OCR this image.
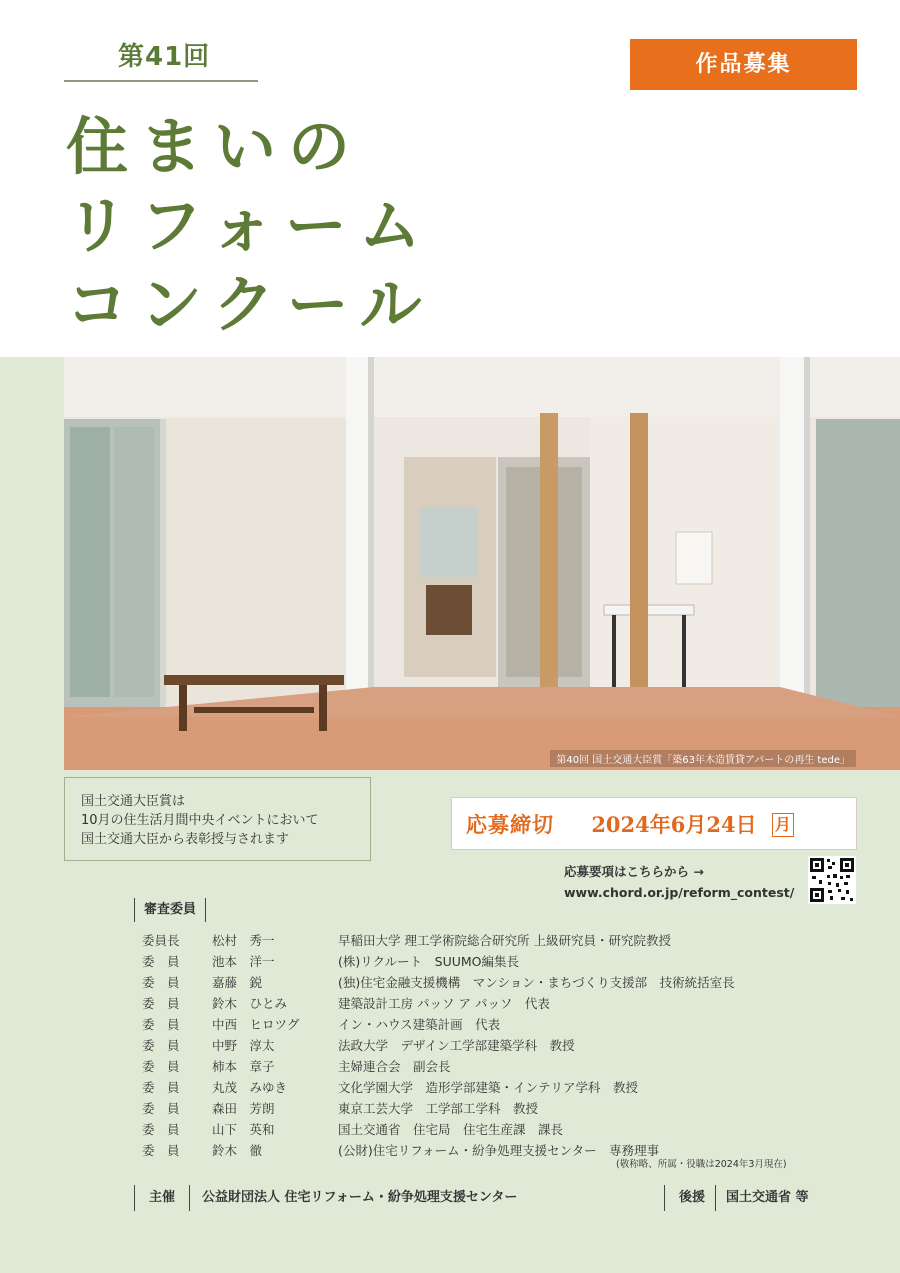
第41回
住まいの
リフォーム
コンクール
作品募集
第40回 国土交通大臣賞「築63年木造賃貸アパートの再生 tede」
国土交通大臣賞は
10月の住生活月間中央イベントにおいて
国土交通大臣から表彰授与されます
応募締切 2024年6月24日 月
応募要項はこちらから →
www.chord.or.jp/reform_contest/
審査委員
委員長	松村　秀一	早稲田大学 理工学術院総合研究所 上級研究員・研究院教授
委　員	池本　洋一	(株)リクルート　SUUMO編集長
委　員	嘉藤　鋭	(独)住宅金融支援機構　マンション・まちづくり支援部　技術統括室長
委　員	鈴木　ひとみ	建築設計工房 パッソ ア パッソ　代表
委　員	中西　ヒロツグ	イン・ハウス建築計画　代表
委　員	中野　淳太	法政大学　デザイン工学部建築学科　教授
委　員	柿本　章子	主婦連合会　副会長
委　員	丸茂　みゆき	文化学園大学　造形学部建築・インテリア学科　教授
委　員	森田　芳朗	東京工芸大学　工学部工学科　教授
委　員	山下　英和	国土交通省　住宅局　住宅生産課　課長
委　員	鈴木　徹	(公財)住宅リフォーム・紛争処理支援センター　専務理事
(敬称略、所属・役職は2024年3月現在)
主催 公益財団法人 住宅リフォーム・紛争処理支援センター	後援 国土交通省 等
